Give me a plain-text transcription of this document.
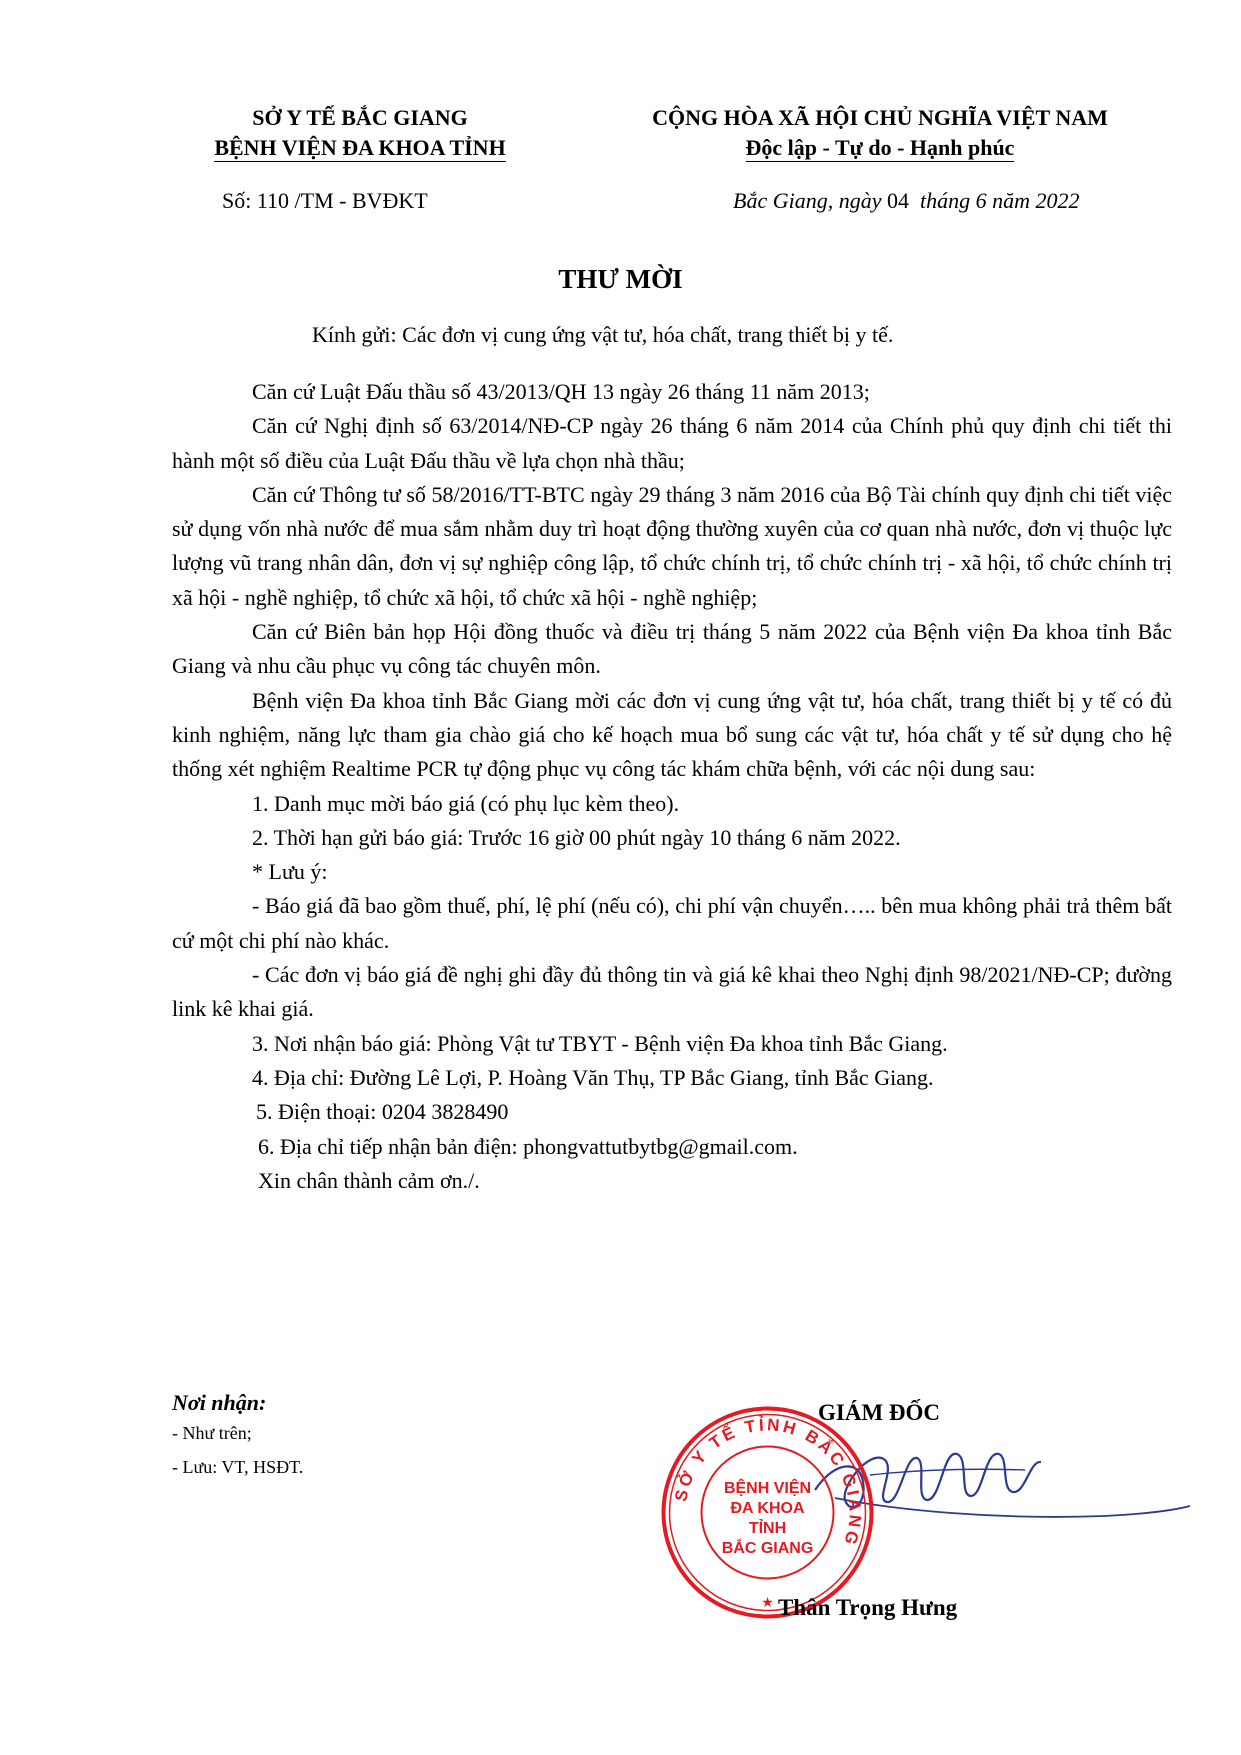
SỞ Y TẾ BẮC GIANG
BỆNH VIỆN ĐA KHOA TỈNH
CỘNG HÒA XÃ HỘI CHỦ NGHĨA VIỆT NAM
Độc lập - Tự do - Hạnh phúc
Số: 110 /TM - BVĐKT	Bắc Giang, ngày 04 tháng 6 năm 2022
THƯ MỜI
Kính gửi: Các đơn vị cung ứng vật tư, hóa chất, trang thiết bị y tế.

Căn cứ Luật Đấu thầu số 43/2013/QH 13 ngày 26 tháng 11 năm 2013;

Căn cứ Nghị định số 63/2014/NĐ-CP ngày 26 tháng 6 năm 2014 của Chính phủ quy định chi tiết thi hành một số điều của Luật Đấu thầu về lựa chọn nhà thầu;

Căn cứ Thông tư số 58/2016/TT-BTC ngày 29 tháng 3 năm 2016 của Bộ Tài chính quy định chi tiết việc sử dụng vốn nhà nước để mua sắm nhằm duy trì hoạt động thường xuyên của cơ quan nhà nước, đơn vị thuộc lực lượng vũ trang nhân dân, đơn vị sự nghiệp công lập, tổ chức chính trị, tổ chức chính trị - xã hội, tổ chức chính trị xã hội - nghề nghiệp, tổ chức xã hội, tổ chức xã hội - nghề nghiệp;

Căn cứ Biên bản họp Hội đồng thuốc và điều trị tháng 5 năm 2022 của Bệnh viện Đa khoa tỉnh Bắc Giang và nhu cầu phục vụ công tác chuyên môn.

Bệnh viện Đa khoa tỉnh Bắc Giang mời các đơn vị cung ứng vật tư, hóa chất, trang thiết bị y tế có đủ kinh nghiệm, năng lực tham gia chào giá cho kế hoạch mua bổ sung các vật tư, hóa chất y tế sử dụng cho hệ thống xét nghiệm Realtime PCR tự động phục vụ công tác khám chữa bệnh, với các nội dung sau:

1. Danh mục mời báo giá (có phụ lục kèm theo).

2. Thời hạn gửi báo giá: Trước 16 giờ 00 phút ngày 10 tháng 6 năm 2022.

* Lưu ý:

- Báo giá đã bao gồm thuế, phí, lệ phí (nếu có), chi phí vận chuyển….. bên mua không phải trả thêm bất cứ một chi phí nào khác.

- Các đơn vị báo giá đề nghị ghi đầy đủ thông tin và giá kê khai theo Nghị định 98/2021/NĐ-CP; đường link kê khai giá.

3. Nơi nhận báo giá: Phòng Vật tư TBYT - Bệnh viện Đa khoa tỉnh Bắc Giang.

4. Địa chỉ: Đường Lê Lợi, P. Hoàng Văn Thụ, TP Bắc Giang, tỉnh Bắc Giang.

5. Điện thoại: 0204 3828490

6. Địa chỉ tiếp nhận bản điện: phongvattutbytbg@gmail.com.

Xin chân thành cảm ơn./.

Nơi nhận:
- Như trên;
- Lưu: VT, HSĐT.
GIÁM ĐỐC
SỞ Y TẾ TỈNH BẮC GIANG
BỆNH VIỆN
ĐA KHOA
TỈNH
BẮC GIANG
★ Thân Trọng Hưng
